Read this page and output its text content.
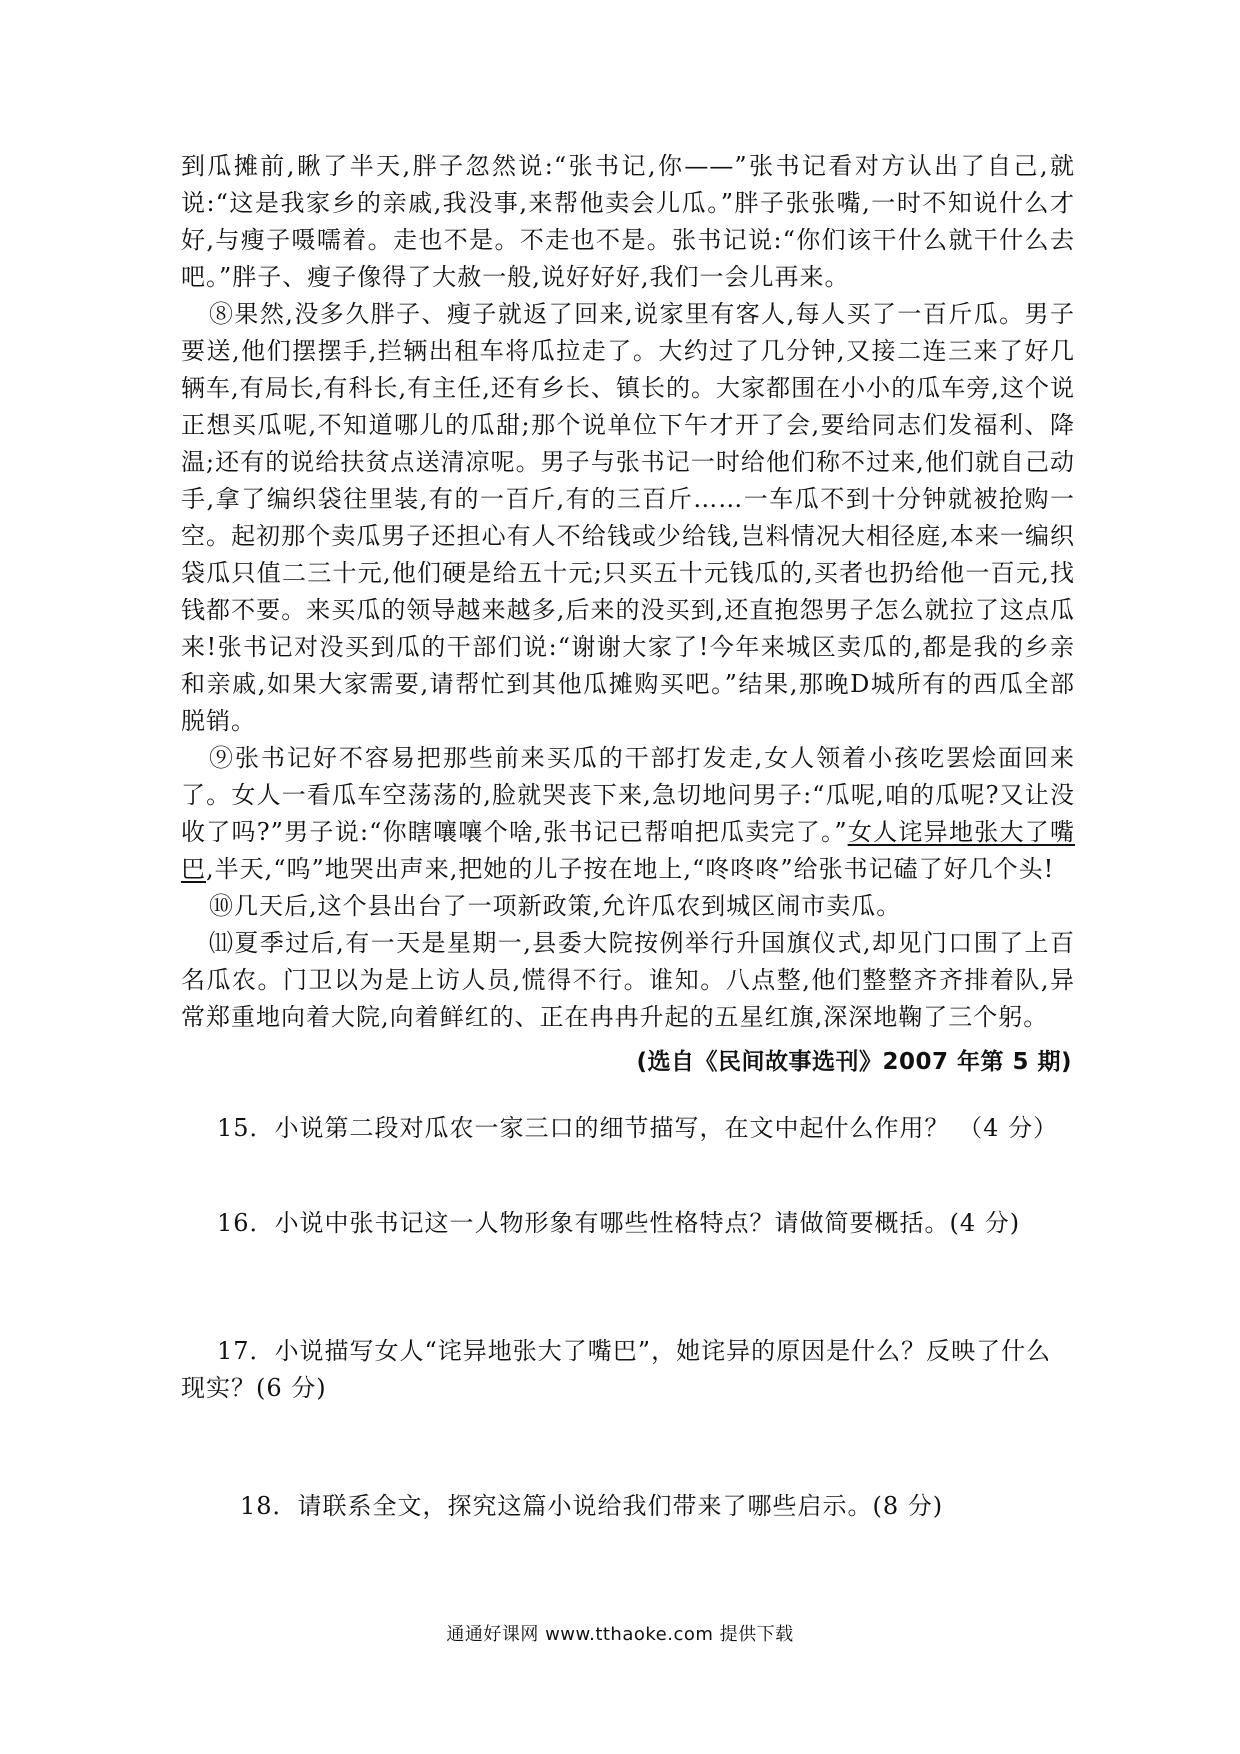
到瓜摊前,瞅了半天,胖子忽然说:“张书记,你——”张书记看对方认出了自己,就说:“这是我家乡的亲戚,我没事,来帮他卖会儿瓜。”胖子张张嘴,一时不知说什么才好,与瘦子嗫嚅着。走也不是。不走也不是。张书记说:“你们该干什么就干什么去吧。”胖子、瘦子像得了大赦一般,说好好好,我们一会儿再来。

⑧果然,没多久胖子、瘦子就返了回来,说家里有客人,每人买了一百斤瓜。男子要送,他们摆摆手,拦辆出租车将瓜拉走了。大约过了几分钟,又接二连三来了好几辆车,有局长,有科长,有主任,还有乡长、镇长的。大家都围在小小的瓜车旁,这个说正想买瓜呢,不知道哪儿的瓜甜;那个说单位下午才开了会,要给同志们发福利、降温;还有的说给扶贫点送清凉呢。男子与张书记一时给他们称不过来,他们就自己动手,拿了编织袋往里装,有的一百斤,有的三百斤……一车瓜不到十分钟就被抢购一空。起初那个卖瓜男子还担心有人不给钱或少给钱,岂料情况大相径庭,本来一编织袋瓜只值二三十元,他们硬是给五十元;只买五十元钱瓜的,买者也扔给他一百元,找钱都不要。来买瓜的领导越来越多,后来的没买到,还直抱怨男子怎么就拉了这点瓜来!张书记对没买到瓜的干部们说:“谢谢大家了!今年来城区卖瓜的,都是我的乡亲和亲戚,如果大家需要,请帮忙到其他瓜摊购买吧。”结果,那晚D城所有的西瓜全部脱销。

⑨张书记好不容易把那些前来买瓜的干部打发走,女人领着小孩吃罢烩面回来了。女人一看瓜车空荡荡的,脸就哭丧下来,急切地问男子:“瓜呢,咱的瓜呢?又让没收了吗?”男子说:“你瞎嚷嚷个啥,张书记已帮咱把瓜卖完了。”女人诧异地张大了嘴巴,半天,“呜”地哭出声来,把她的儿子按在地上,“咚咚咚”给张书记磕了好几个头!

⑩几天后,这个县出台了一项新政策,允许瓜农到城区闹市卖瓜。

⑾夏季过后,有一天是星期一,县委大院按例举行升国旗仪式,却见门口围了上百名瓜农。门卫以为是上访人员,慌得不行。谁知。八点整,他们整整齐齐排着队,异常郑重地向着大院,向着鲜红的、正在冉冉升起的五星红旗,深深地鞠了三个躬。

(选自《民间故事选刊》2007 年第 5 期)
15．小说第二段对瓜农一家三口的细节描写，在文中起什么作用？ （4 分）
16．小说中张书记这一人物形象有哪些性格特点？请做简要概括。(4 分)
17．小说描写女人“诧异地张大了嘴巴”，她诧异的原因是什么？反映了什么
现实？(6 分)
18．请联系全文，探究这篇小说给我们带来了哪些启示。(8 分)
通通好课网 www.tthaoke.com 提供下载
